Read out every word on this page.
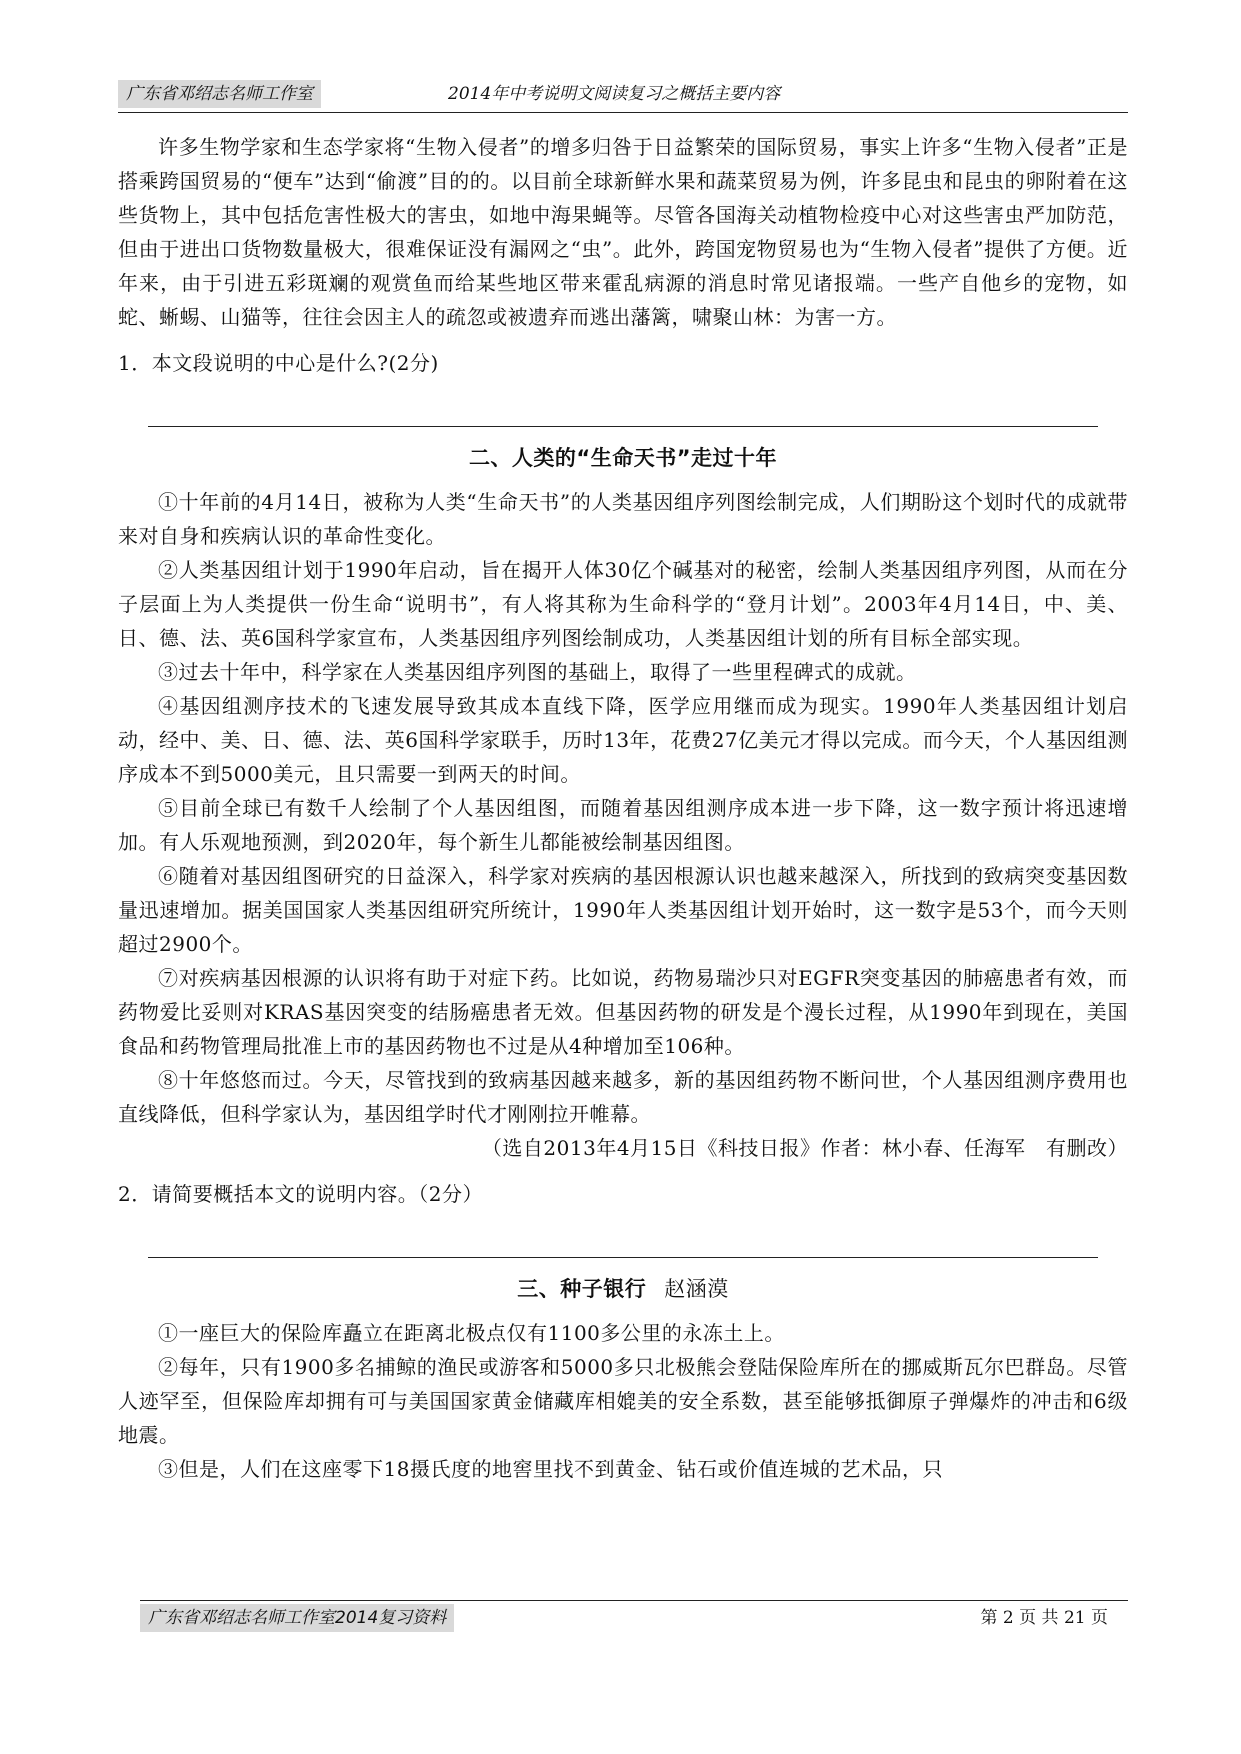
广东省邓绍志名师工作室	2014年中考说明文阅读复习之概括主要内容

许多生物学家和生态学家将“生物入侵者”的增多归咎于日益繁荣的国际贸易，事实上许多“生物入侵者”正是搭乘跨国贸易的“便车”达到“偷渡”目的的。以目前全球新鲜水果和蔬菜贸易为例，许多昆虫和昆虫的卵附着在这些货物上，其中包括危害性极大的害虫，如地中海果蝇等。尽管各国海关动植物检疫中心对这些害虫严加防范，但由于进出口货物数量极大，很难保证没有漏网之“虫”。此外，跨国宠物贸易也为“生物入侵者”提供了方便。近年来，由于引进五彩斑斓的观赏鱼而给某些地区带来霍乱病源的消息时常见诸报端。一些产自他乡的宠物，如蛇、蜥蜴、山猫等，往往会因主人的疏忽或被遗弃而逃出藩篱，啸聚山林：为害一方。

1．本文段说明的中心是什么?(2分)

二、人类的“生命天书”走过十年

①十年前的4月14日，被称为人类“生命天书”的人类基因组序列图绘制完成，人们期盼这个划时代的成就带来对自身和疾病认识的革命性变化。

②人类基因组计划于1990年启动，旨在揭开人体30亿个碱基对的秘密，绘制人类基因组序列图，从而在分子层面上为人类提供一份生命“说明书”，有人将其称为生命科学的“登月计划”。2003年4月14日，中、美、日、德、法、英6国科学家宣布，人类基因组序列图绘制成功，人类基因组计划的所有目标全部实现。

③过去十年中，科学家在人类基因组序列图的基础上，取得了一些里程碑式的成就。

④基因组测序技术的飞速发展导致其成本直线下降，医学应用继而成为现实。1990年人类基因组计划启动，经中、美、日、德、法、英6国科学家联手，历时13年，花费27亿美元才得以完成。而今天，个人基因组测序成本不到5000美元，且只需要一到两天的时间。

⑤目前全球已有数千人绘制了个人基因组图，而随着基因组测序成本进一步下降，这一数字预计将迅速增加。有人乐观地预测，到2020年，每个新生儿都能被绘制基因组图。

⑥随着对基因组图研究的日益深入，科学家对疾病的基因根源认识也越来越深入，所找到的致病突变基因数量迅速增加。据美国国家人类基因组研究所统计，1990年人类基因组计划开始时，这一数字是53个，而今天则超过2900个。

⑦对疾病基因根源的认识将有助于对症下药。比如说，药物易瑞沙只对EGFR突变基因的肺癌患者有效，而药物爱比妥则对KRAS基因突变的结肠癌患者无效。但基因药物的研发是个漫长过程，从1990年到现在，美国食品和药物管理局批准上市的基因药物也不过是从4种增加至106种。

⑧十年悠悠而过。今天，尽管找到的致病基因越来越多，新的基因组药物不断问世，个人基因组测序费用也直线降低，但科学家认为，基因组学时代才刚刚拉开帷幕。

（选自2013年4月15日《科技日报》作者：林小春、任海军　有删改）

2．请简要概括本文的说明内容。（2分）

三、种子银行 赵涵漠

①一座巨大的保险库矗立在距离北极点仅有1100多公里的永冻土上。

②每年，只有1900多名捕鲸的渔民或游客和5000多只北极熊会登陆保险库所在的挪威斯瓦尔巴群岛。尽管人迹罕至，但保险库却拥有可与美国国家黄金储藏库相媲美的安全系数，甚至能够抵御原子弹爆炸的冲击和6级地震。

③但是，人们在这座零下18摄氏度的地窖里找不到黄金、钻石或价值连城的艺术品，只

广东省邓绍志名师工作室2014复习资料	第 2 页 共 21 页
